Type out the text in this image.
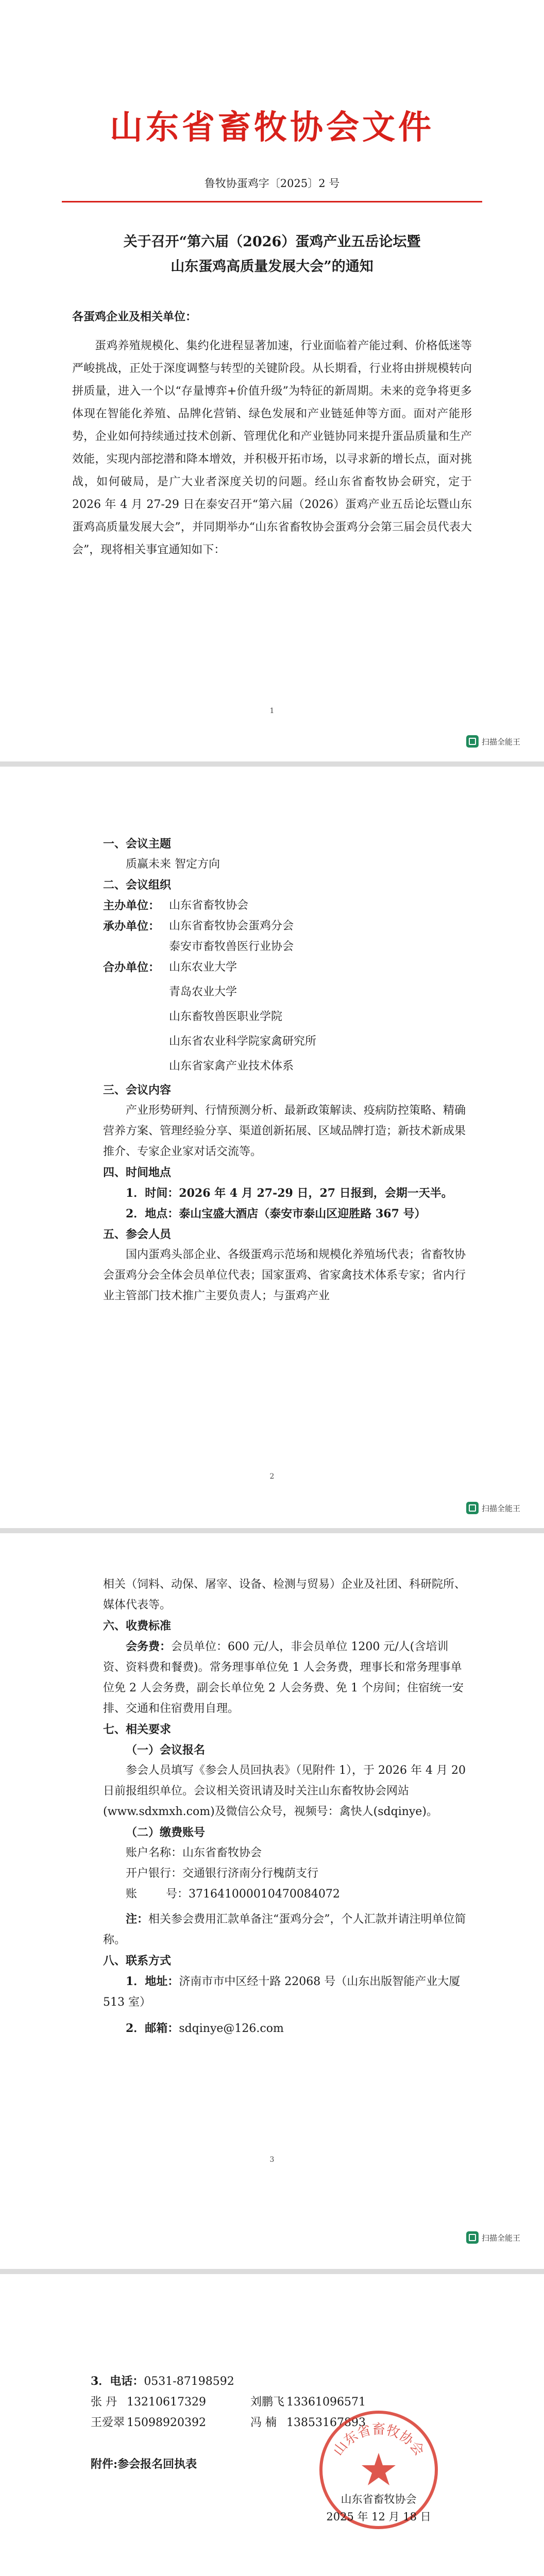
山东省畜牧协会文件
鲁牧协蛋鸡字〔2025〕2 号
关于召开“第六届（2026）蛋鸡产业五岳论坛暨
山东蛋鸡高质量发展大会”的通知
各蛋鸡企业及相关单位：

蛋鸡养殖规模化、集约化进程显著加速，行业面临着产能过剩、价格低迷等严峻挑战，正处于深度调整与转型的关键阶段。从长期看，行业将由拼规模转向拼质量，进入一个以“存量博弈+价值升级”为特征的新周期。未来的竞争将更多体现在智能化养殖、品牌化营销、绿色发展和产业链延伸等方面。面对产能形势，企业如何持续通过技术创新、管理优化和产业链协同来提升蛋品质量和生产效能，实现内部挖潜和降本增效，并积极开拓市场，以寻求新的增长点，面对挑战，如何破局，是广大业者深度关切的问题。经山东省畜牧协会研究，定于 2026 年 4 月 27-29 日在泰安召开“第六届（2026）蛋鸡产业五岳论坛暨山东蛋鸡高质量发展大会”，并同期举办“山东省畜牧协会蛋鸡分会第三届会员代表大会”，现将相关事宜通知如下：

1
扫描全能王
一、会议主题
质赢未来 智定方向
二、会议组织
主办单位： 山东省畜牧协会
承办单位： 山东省畜牧协会蛋鸡分会
泰安市畜牧兽医行业协会
合办单位： 山东农业大学
青岛农业大学
山东畜牧兽医职业学院
山东省农业科学院家禽研究所
山东省家禽产业技术体系
三、会议内容
产业形势研判、行情预测分析、最新政策解读、疫病防控策略、精确营养方案、管理经验分享、渠道创新拓展、区域品牌打造；新技术新成果推介、专家企业家对话交流等。
四、时间地点
1．时间：2026 年 4 月 27-29 日，27 日报到，会期一天半。
2．地点：泰山宝盛大酒店（泰安市泰山区迎胜路 367 号）
五、参会人员
国内蛋鸡头部企业、各级蛋鸡示范场和规模化养殖场代表；省畜牧协会蛋鸡分会全体会员单位代表；国家蛋鸡、省家禽技术体系专家；省内行业主管部门技术推广主要负责人；与蛋鸡产业
2
扫描全能王
相关（饲料、动保、屠宰、设备、检测与贸易）企业及社团、科研院所、媒体代表等。
六、收费标准
会务费：会员单位：600 元/人，非会员单位 1200 元/人(含培训资、资料费和餐费)。常务理事单位免 1 人会务费，理事长和常务理事单位免 2 人会务费，副会长单位免 2 人会务费、免 1 个房间；住宿统一安排、交通和住宿费用自理。
七、相关要求
（一）会议报名
参会人员填写《参会人员回执表》（见附件 1），于 2026 年 4 月 20 日前报组织单位。会议相关资讯请及时关注山东畜牧协会网站(www.sdxmxh.com)及微信公众号，视频号：禽快人(sdqinye)。
（二）缴费账号
账户名称：山东省畜牧协会
开户银行：交通银行济南分行槐荫支行
账        号：371641000010470084072
注：相关参会费用汇款单备注“蛋鸡分会”，个人汇款并请注明单位简称。
八、联系方式
1．地址：济南市市中区经十路 22068 号（山东出版智能产业大厦 513 室）
2．邮箱：sdqinye@126.com
3
扫描全能王
3．电话：0531-87198592
张 丹 13210617329	刘鹏飞 13361096571
王爱翠 15098920392	冯 楠 13853167893
附件:参会报名回执表
山东省畜牧协会
山东省畜牧协会
2025 年 12 月 18 日
